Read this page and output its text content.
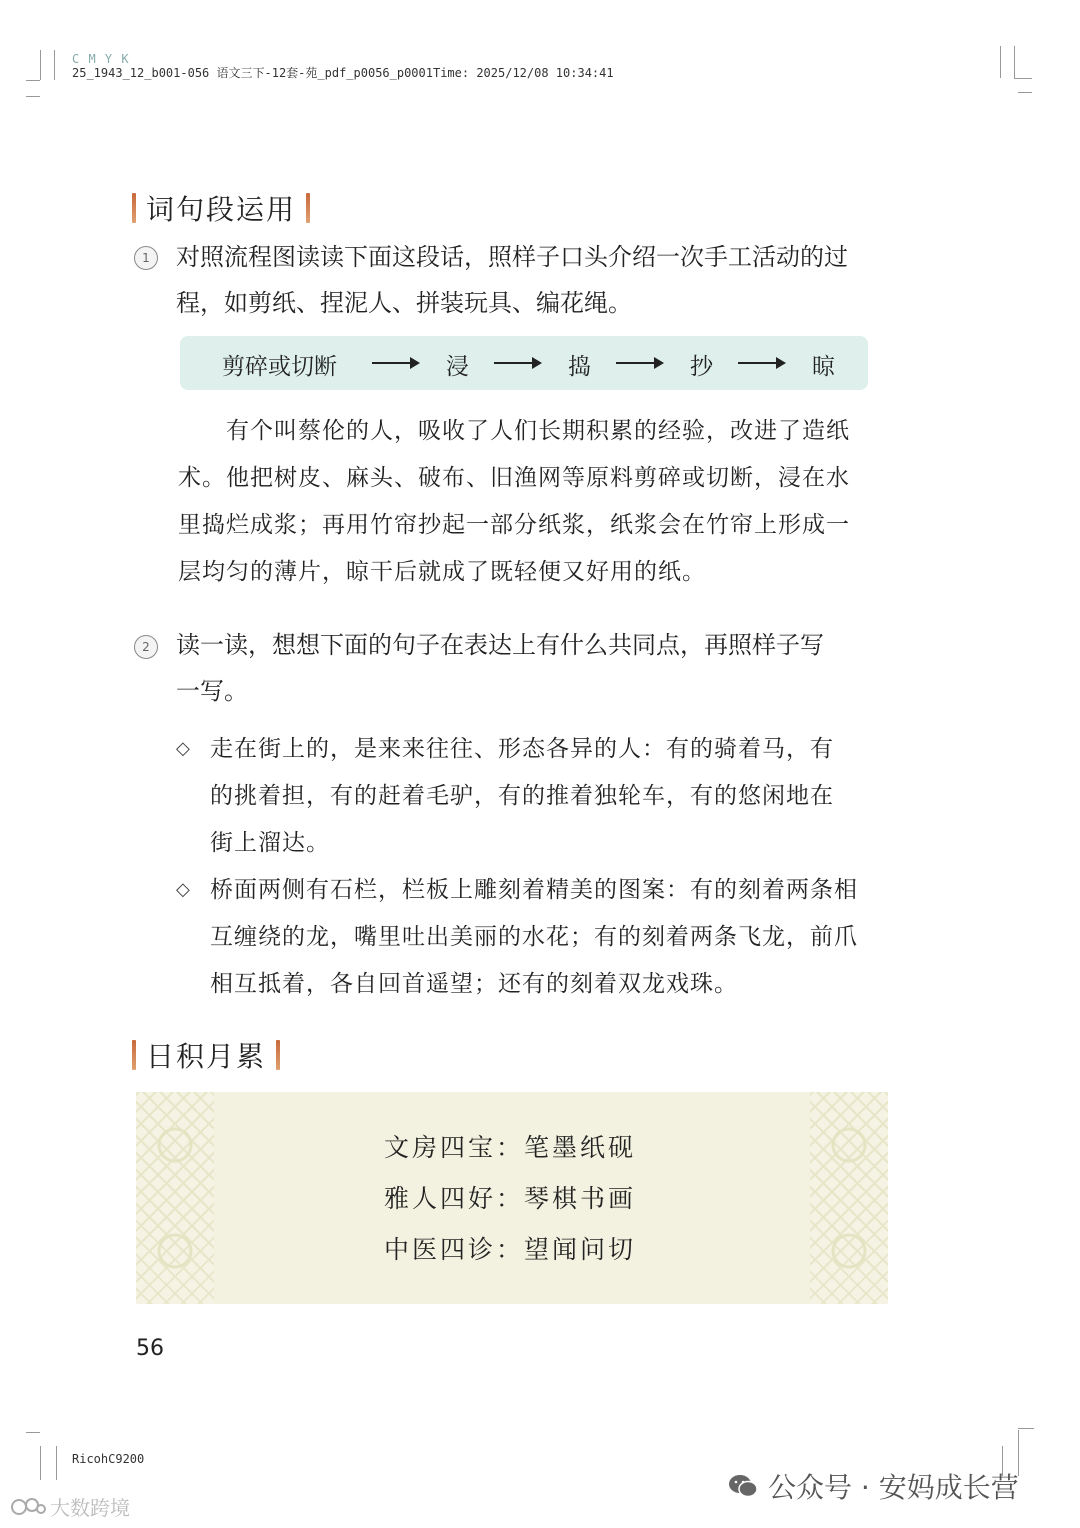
C M Y K
25_1943_12_b001-056 语文三下-12套-苑_pdf_p0056_p0001Time: 2025/12/08 10:34:41
词句段运用
1	对照流程图读读下面这段话，照样子口头介绍一次手工活动的过
程，如剪纸、捏泥人、拼装玩具、编花绳。
剪碎或切断	浸	捣	抄	晾
有个叫蔡伦的人，吸收了人们长期积累的经验，改进了造纸
术。他把树皮、麻头、破布、旧渔网等原料剪碎或切断，浸在水
里捣烂成浆；再用竹帘抄起一部分纸浆，纸浆会在竹帘上形成一
层均匀的薄片，晾干后就成了既轻便又好用的纸。
2	读一读，想想下面的句子在表达上有什么共同点，再照样子写
一写。
◇ 走在街上的，是来来往往、形态各异的人：有的骑着马，有
的挑着担，有的赶着毛驴，有的推着独轮车，有的悠闲地在
街上溜达。
◇ 桥面两侧有石栏，栏板上雕刻着精美的图案：有的刻着两条相
互缠绕的龙，嘴里吐出美丽的水花；有的刻着两条飞龙，前爪
相互抵着，各自回首遥望；还有的刻着双龙戏珠。
日积月累
文房四宝：笔墨纸砚
雅人四好：琴棋书画
中医四诊：望闻问切
56
RicohC9200
大数跨境
公众号 · 安妈成长营
